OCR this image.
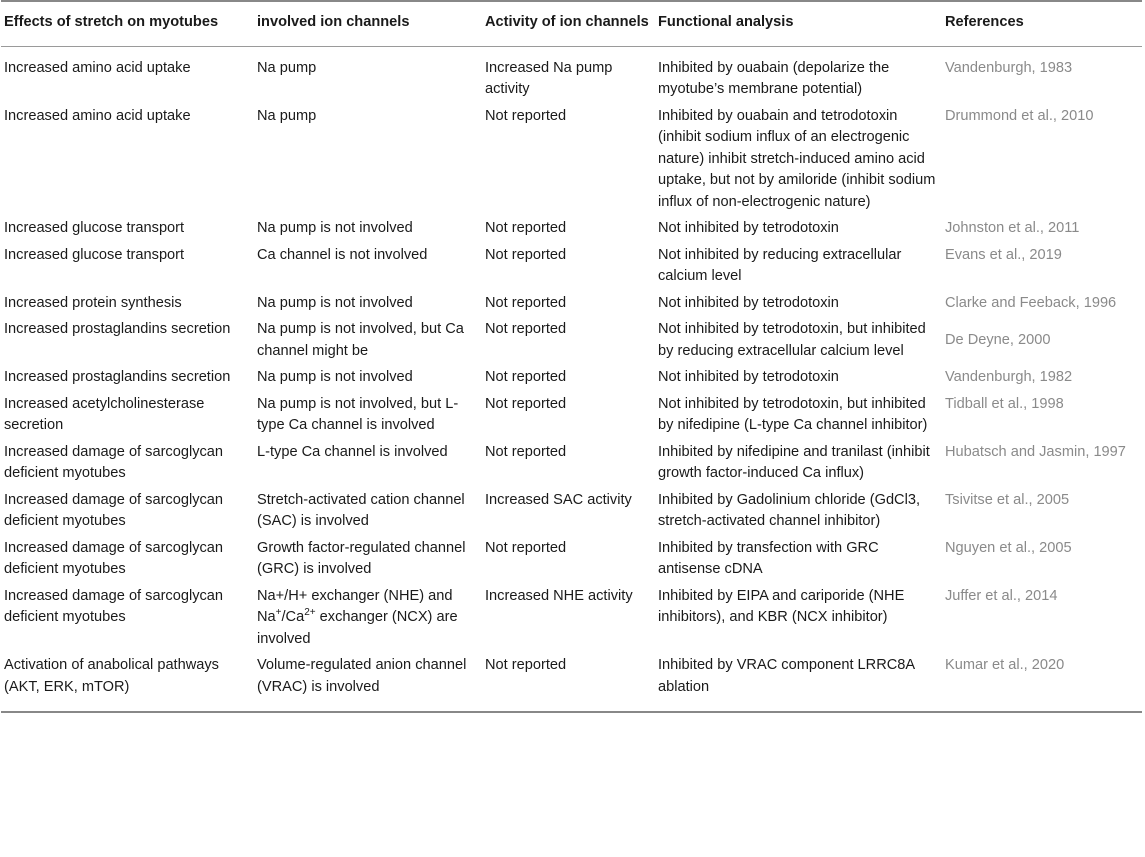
Effects of stretch on myotubes	involved ion channels	Activity of ion channels	Functional analysis	References
Increased amino acid uptake	Na pump	Increased Na pump activity	Inhibited by ouabain (depolarize the myotube’s membrane potential)	Vandenburgh, 1983
Increased amino acid uptake	Na pump	Not reported	Inhibited by ouabain and tetrodotoxin (inhibit sodium influx of an electrogenic nature) inhibit stretch-induced amino acid uptake, but not by amiloride (inhibit sodium influx of non-electrogenic nature)	Drummond et al., 2010
Increased glucose transport	Na pump is not involved	Not reported	Not inhibited by tetrodotoxin	Johnston et al., 2011
Increased glucose transport	Ca channel is not involved	Not reported	Not inhibited by reducing extracellular calcium level	Evans et al., 2019
Increased protein synthesis	Na pump is not involved	Not reported	Not inhibited by tetrodotoxin	Clarke and Feeback, 1996
Increased prostaglandins secretion	Na pump is not involved, but Ca channel might be	Not reported	Not inhibited by tetrodotoxin, but inhibited by reducing extracellular calcium level	De Deyne, 2000
Increased prostaglandins secretion	Na pump is not involved	Not reported	Not inhibited by tetrodotoxin	Vandenburgh, 1982
Increased acetylcholinesterase secretion	Na pump is not involved, but L-type Ca channel is involved	Not reported	Not inhibited by tetrodotoxin, but inhibited by nifedipine (L-type Ca channel inhibitor)	Tidball et al., 1998
Increased damage of sarcoglycan deficient myotubes	L-type Ca channel is involved	Not reported	Inhibited by nifedipine and tranilast (inhibit growth factor-induced Ca influx)	Hubatsch and Jasmin, 1997
Increased damage of sarcoglycan deficient myotubes	Stretch-activated cation channel (SAC) is involved	Increased SAC activity	Inhibited by Gadolinium chloride (GdCl3, stretch-activated channel inhibitor)	Tsivitse et al., 2005
Increased damage of sarcoglycan deficient myotubes	Growth factor-regulated channel (GRC) is involved	Not reported	Inhibited by transfection with GRC antisense cDNA	Nguyen et al., 2005
Increased damage of sarcoglycan deficient myotubes	Na+/H+ exchanger (NHE) and $Na^+/Ca^{2+}$ exchanger (NCX) are involved	Increased NHE activity	Inhibited by EIPA and cariporide (NHE inhibitors), and KBR (NCX inhibitor)	Juffer et al., 2014
Activation of anabolical pathways (AKT, ERK, mTOR)	Volume-regulated anion channel (VRAC) is involved	Not reported	Inhibited by VRAC component LRRC8A ablation	Kumar et al., 2020
